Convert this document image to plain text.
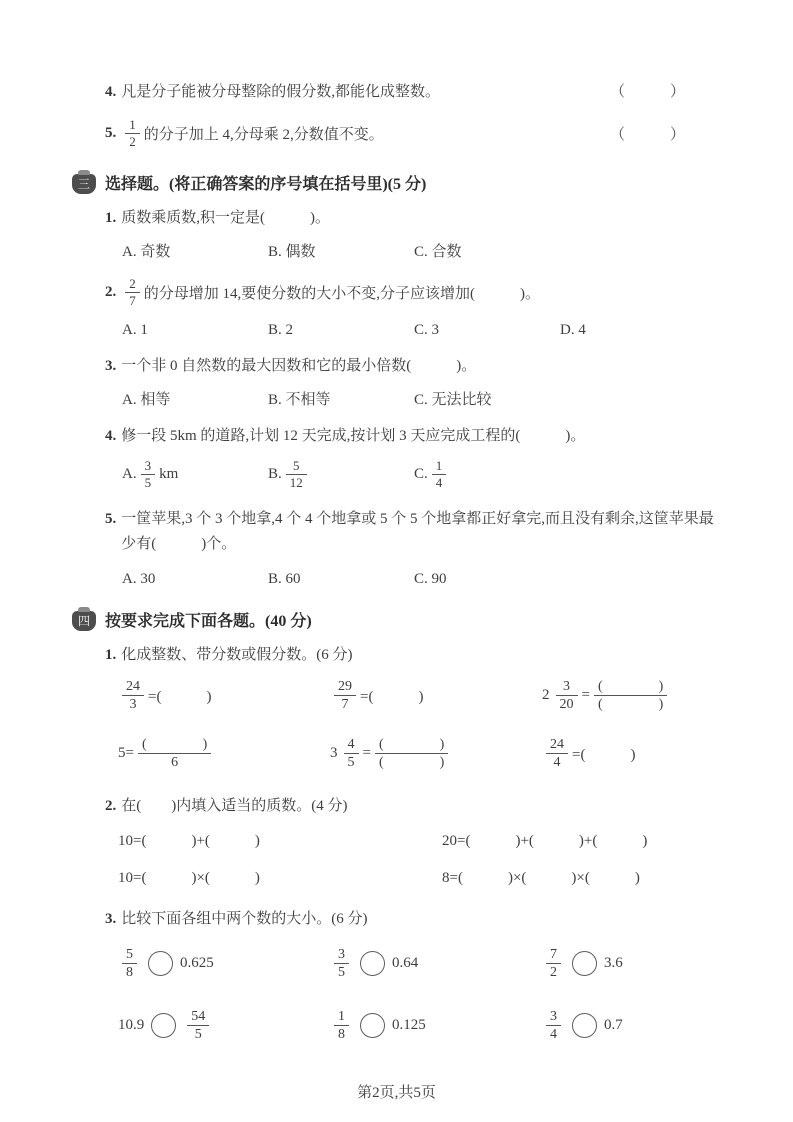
4. 凡是分子能被分母整除的假分数,都能化成整数。	（　　　）
5. $\frac{1}{2}$ 的分子加上 4,分母乘 2,分数值不变。	（　　　）
三 选择题。(将正确答案的序号填在括号里)(5 分)
1. 质数乘质数,积一定是(　　　)。
A. 奇数	B. 偶数	C. 合数
2. $\frac{2}{7}$ 的分母增加 14,要使分数的大小不变,分子应该增加(　　　)。
A. 1	B. 2	C. 3	D. 4
3. 一个非 0 自然数的最大因数和它的最小倍数(　　　)。
A. 相等	B. 不相等	C. 无法比较
4. 修一段 5km 的道路,计划 12 天完成,按计划 3 天应完成工程的(　　　)。
A. $\frac{3}{5}$ km	B. $\frac{5}{12}$	C. $\frac{1}{4}$
5. 一筐苹果,3 个 3 个地拿,4 个 4 个地拿或 5 个 5 个地拿都正好拿完,而且没有剩余,这筐苹果最少有(　　　)个。
A. 30	B. 60	C. 90
四 按要求完成下面各题。(40 分)
1. 化成整数、带分数或假分数。(6 分)
$\frac{24}{3}$ =(　　　)	$\frac{29}{7}$ =(　　　)	$2 \frac{3}{20} = \frac{( )}{( )}$
$5= \frac{( )}{6}$	$3 \frac{4}{5} = \frac{( )}{( )}$	$\frac{24}{4}$ =(　　　)
2. 在(　　)内填入适当的质数。(4 分)
10=(　　　)+(　　　)	20=(　　　)+(　　　)+(　　　)
10=(　　　)×(　　　)	8=(　　　)×(　　　)×(　　　)
3. 比较下面各组中两个数的大小。(6 分)
$\frac{5}{8}$	0.625	$\frac{3}{5}$	0.64	$\frac{7}{2}$	3.6
10.9	$\frac{54}{5}$	$\frac{1}{8}$	0.125	$\frac{3}{4}$	0.7
第2页,共5页
